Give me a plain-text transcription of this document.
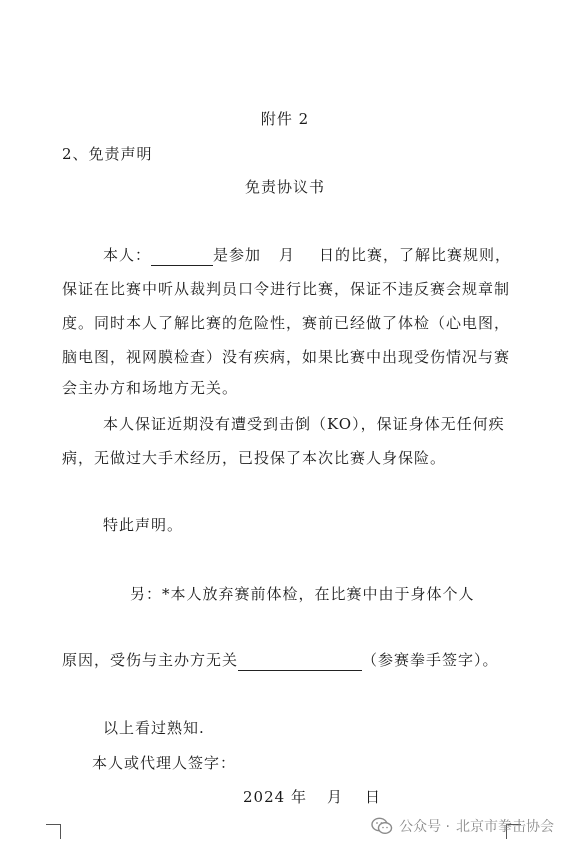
附件 2
2、免责声明
免责协议书
本人：	是参加 月 日的比赛，了解比赛规则，
保证在比赛中听从裁判员口令进行比赛，保证不违反赛会规章制
度。同时本人了解比赛的危险性，赛前已经做了体检（心电图，
脑电图，视网膜检查）没有疾病，如果比赛中出现受伤情况与赛
会主办方和场地方无关。
本人保证近期没有遭受到击倒（KO），保证身体无任何疾
病，无做过大手术经历，已投保了本次比赛人身保险。
特此声明。
另：*本人放弃赛前体检，在比赛中由于身体个人
原因，受伤与主办方无关	（参赛拳手签字）。
以上看过熟知.
本人或代理人签字：
2024 年 月 日
公众号 · 北京市拳击协会
